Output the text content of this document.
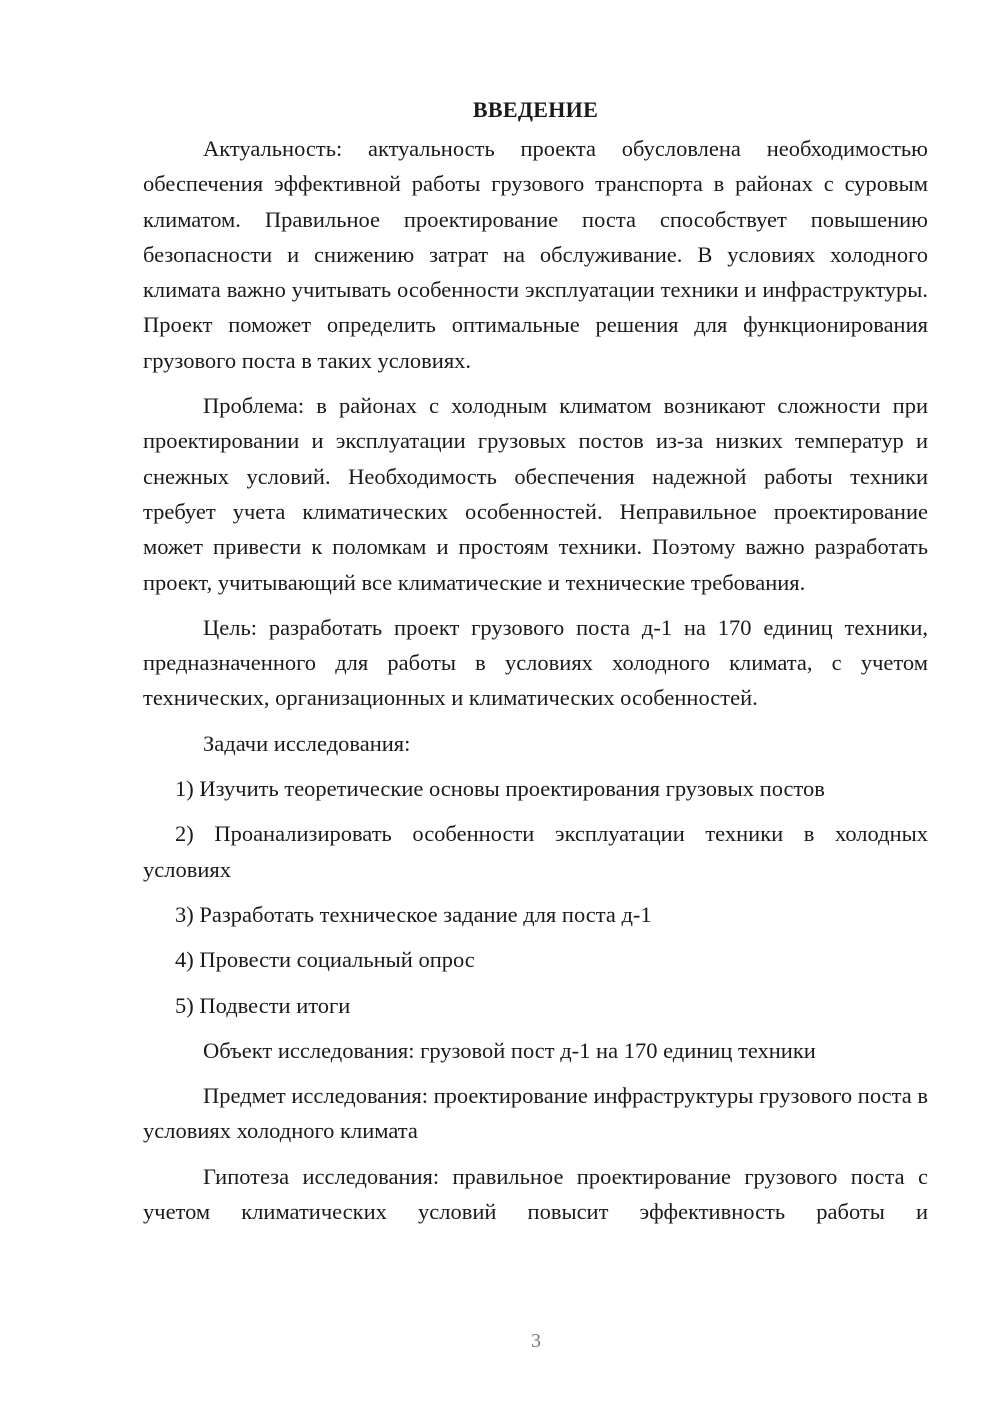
ВВЕДЕНИЕ

Актуальность: актуальность проекта обусловлена необходимостью обеспечения эффективной работы грузового транспорта в районах с суровым климатом. Правильное проектирование поста способствует повышению безопасности и снижению затрат на обслуживание. В условиях холодного климата важно учитывать особенности эксплуатации техники и инфраструктуры. Проект поможет определить оптимальные решения для функционирования грузового поста в таких условиях.

Проблема: в районах с холодным климатом возникают сложности при проектировании и эксплуатации грузовых постов из-за низких температур и снежных условий. Необходимость обеспечения надежной работы техники требует учета климатических особенностей. Неправильное проектирование может привести к поломкам и простоям техники. Поэтому важно разработать проект, учитывающий все климатические и технические требования.

Цель: разработать проект грузового поста д-1 на 170 единиц техники, предназначенного для работы в условиях холодного климата, с учетом технических, организационных и климатических особенностей.

Задачи исследования:

1) Изучить теоретические основы проектирования грузовых постов

2) Проанализировать особенности эксплуатации техники в холодных условиях

3) Разработать техническое задание для поста д-1

4) Провести социальный опрос

5) Подвести итоги

Объект исследования: грузовой пост д-1 на 170 единиц техники

Предмет исследования: проектирование инфраструктуры грузового поста в условиях холодного климата

Гипотеза исследования: правильное проектирование грузового поста с учетом климатических условий повысит эффективность работы и

3
